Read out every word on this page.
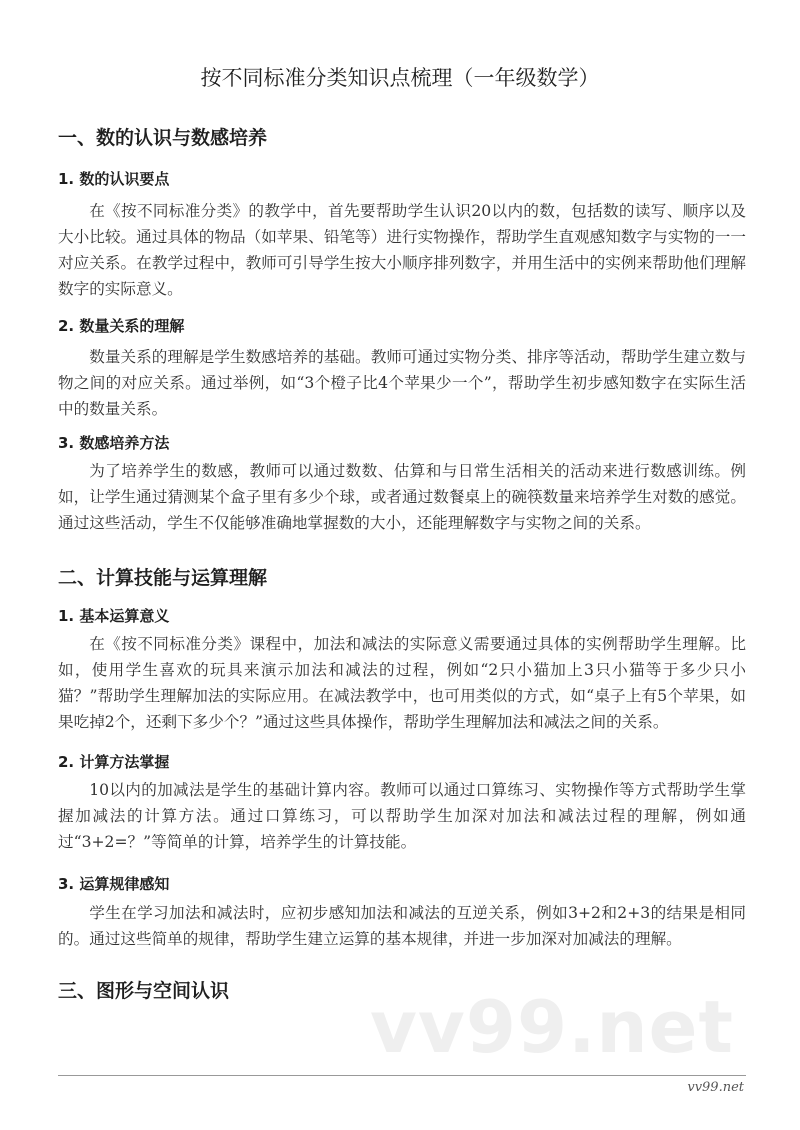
按不同标准分类知识点梳理（一年级数学）
一、数的认识与数感培养
1. 数的认识要点
在《按不同标准分类》的教学中，首先要帮助学生认识20以内的数，包括数的读写、顺序以及大小比较。通过具体的物品（如苹果、铅笔等）进行实物操作，帮助学生直观感知数字与实物的一一对应关系。在教学过程中，教师可引导学生按大小顺序排列数字，并用生活中的实例来帮助他们理解数字的实际意义。
2. 数量关系的理解
数量关系的理解是学生数感培养的基础。教师可通过实物分类、排序等活动，帮助学生建立数与物之间的对应关系。通过举例，如“3个橙子比4个苹果少一个”，帮助学生初步感知数字在实际生活中的数量关系。
3. 数感培养方法
为了培养学生的数感，教师可以通过数数、估算和与日常生活相关的活动来进行数感训练。例如，让学生通过猜测某个盒子里有多少个球，或者通过数餐桌上的碗筷数量来培养学生对数的感觉。通过这些活动，学生不仅能够准确地掌握数的大小，还能理解数字与实物之间的关系。
二、计算技能与运算理解
1. 基本运算意义
在《按不同标准分类》课程中，加法和减法的实际意义需要通过具体的实例帮助学生理解。比如，使用学生喜欢的玩具来演示加法和减法的过程，例如“2只小猫加上3只小猫等于多少只小猫？”帮助学生理解加法的实际应用。在减法教学中，也可用类似的方式，如“桌子上有5个苹果，如果吃掉2个，还剩下多少个？”通过这些具体操作，帮助学生理解加法和减法之间的关系。
2. 计算方法掌握
10以内的加减法是学生的基础计算内容。教师可以通过口算练习、实物操作等方式帮助学生掌握加减法的计算方法。通过口算练习，可以帮助学生加深对加法和减法过程的理解，例如通过“3+2=？”等简单的计算，培养学生的计算技能。
3. 运算规律感知
学生在学习加法和减法时，应初步感知加法和减法的互逆关系，例如3+2和2+3的结果是相同的。通过这些简单的规律，帮助学生建立运算的基本规律，并进一步加深对加减法的理解。
三、图形与空间认识	vv99.net
vv99.net
